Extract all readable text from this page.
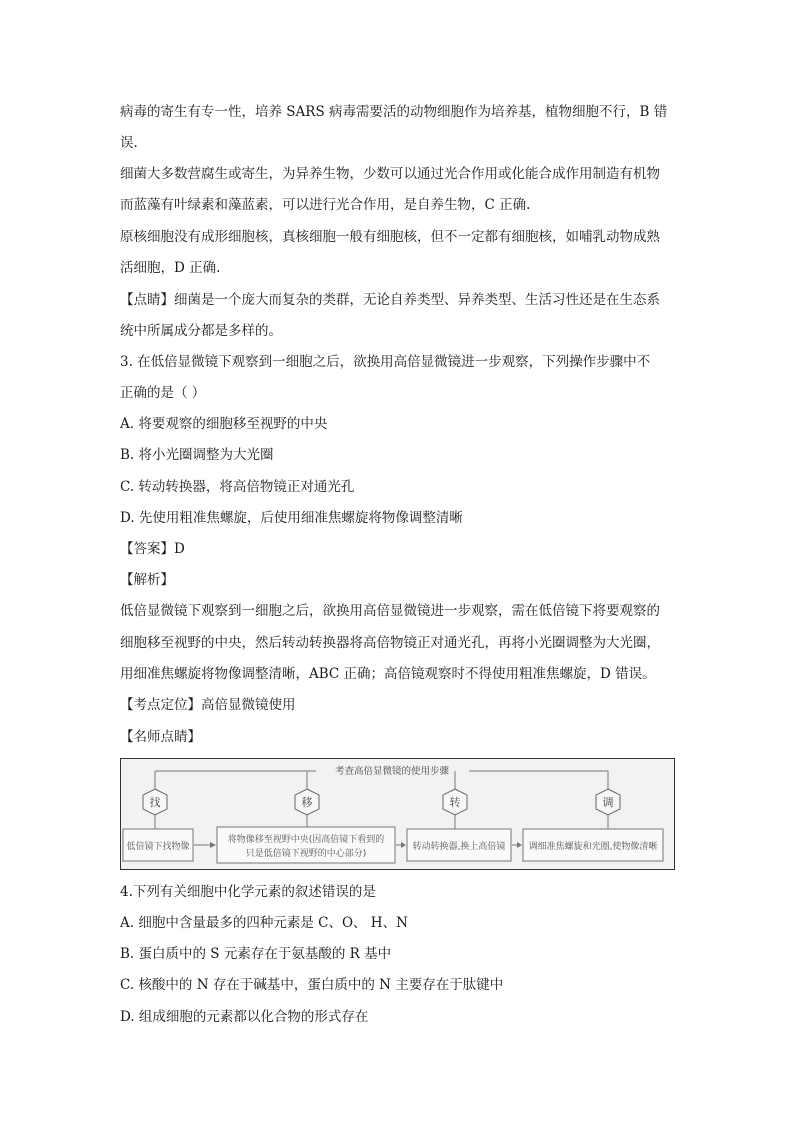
病毒的寄生有专一性，培养 SARS 病毒需要活的动物细胞作为培养基，植物细胞不行，B 错
误.
细菌大多数营腐生或寄生，为异养生物，少数可以通过光合作用或化能合成作用制造有机物
而蓝藻有叶绿素和藻蓝素，可以进行光合作用，是自养生物，C 正确.
原核细胞没有成形细胞核，真核细胞一般有细胞核，但不一定都有细胞核，如哺乳动物成熟
活细胞，D 正确.
【点睛】细菌是一个庞大而复杂的类群，无论自养类型、异养类型、生活习性还是在生态系
统中所属成分都是多样的。
3. 在低倍显微镜下观察到一细胞之后，欲换用高倍显微镜进一步观察，下列操作步骤中不
正确的是（ ）
A. 将要观察的细胞移至视野的中央
B. 将小光圈调整为大光圈
C. 转动转换器，将高倍物镜正对通光孔
D. 先使用粗准焦螺旋，后使用细准焦螺旋将物像调整清晰
【答案】D
【解析】
低倍显微镜下观察到一细胞之后，欲换用高倍显微镜进一步观察，需在低倍镜下将要观察的
细胞移至视野的中央，然后转动转换器将高倍物镜正对通光孔，再将小光圈调整为大光圈，
用细准焦螺旋将物像调整清晰，ABC 正确；高倍镜观察时不得使用粗准焦螺旋，D 错误。
【考点定位】高倍显微镜使用
【名师点睛】
考查高倍显微镜的使用步骤
找	移	转	调
低倍镜下找物像
将物像移至视野中央(因高倍镜下看到的
只是低倍镜下视野的中心部分)
转动转换器,换上高倍镜	调细准焦螺旋和光圈,使物像清晰
4.下列有关细胞中化学元素的叙述错误的是
A. 细胞中含量最多的四种元素是 C、O、 H、N
B. 蛋白质中的 S 元素存在于氨基酸的 R 基中
C. 核酸中的 N 存在于碱基中，蛋白质中的 N 主要存在于肽键中
D. 组成细胞的元素都以化合物的形式存在
